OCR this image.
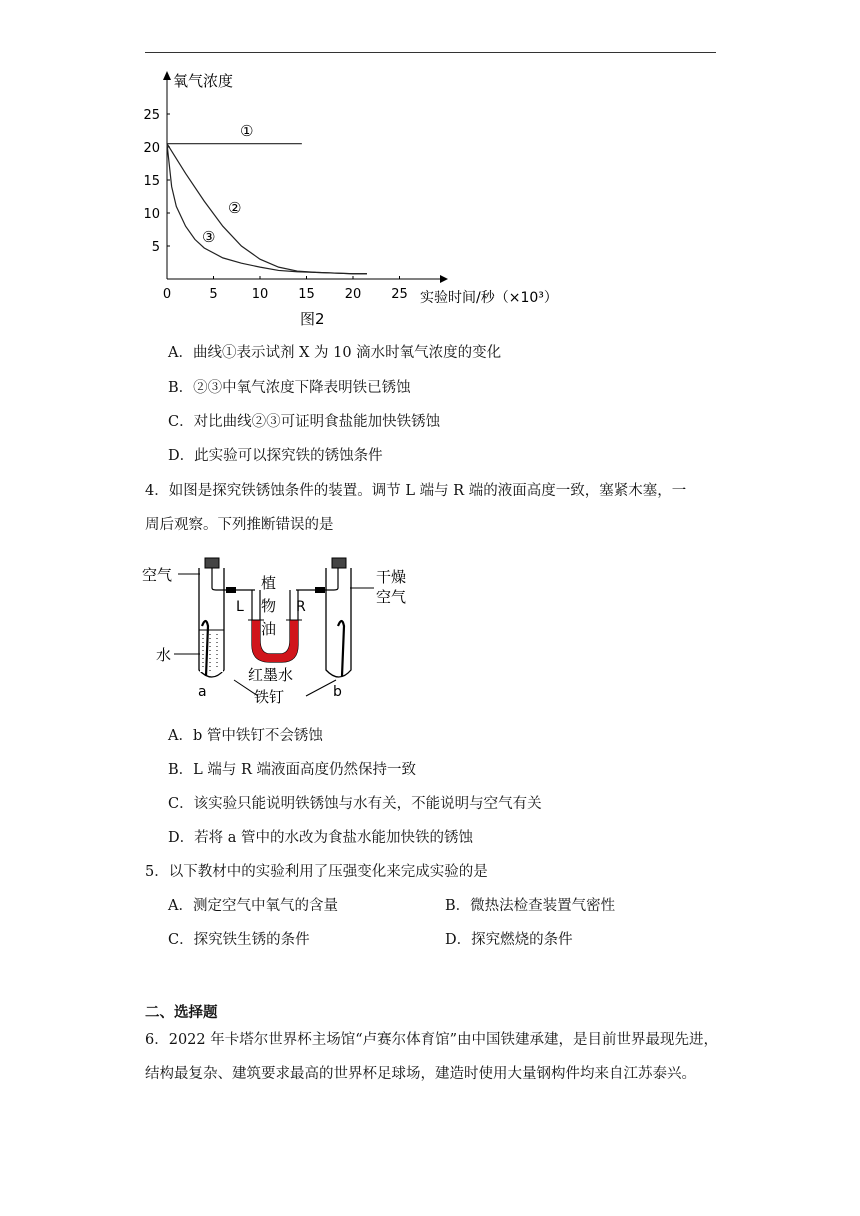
氧气浓度
实验时间/秒（×10³）
0	5	10 15 20 25
5
10
15
20
25
①
②
③
图2
A．曲线①表示试剂 X 为 10 滴水时氧气浓度的变化
B．②③中氧气浓度下降表明铁已锈蚀
C．对比曲线②③可证明食盐能加快铁锈蚀
D．此实验可以探究铁的锈蚀条件
4．如图是探究铁锈蚀条件的装置。调节 L 端与 R 端的液面高度一致，塞紧木塞，一
周后观察。下列推断错误的是
空气
水
a	b
L	R
植
物
油
干燥
空气
红墨水
铁钉
A．b 管中铁钉不会锈蚀
B．L 端与 R 端液面高度仍然保持一致
C．该实验只能说明铁锈蚀与水有关，不能说明与空气有关
D．若将 a 管中的水改为食盐水能加快铁的锈蚀
5．以下教材中的实验利用了压强变化来完成实验的是
A．测定空气中氧气的含量	B．微热法检查装置气密性
C．探究铁生锈的条件	D．探究燃烧的条件
二、选择题
6．2022 年卡塔尔世界杯主场馆“卢赛尔体育馆”由中国铁建承建，是目前世界最现先进，
结构最复杂、建筑要求最高的世界杯足球场，建造时使用大量钢构件均来自江苏泰兴。
